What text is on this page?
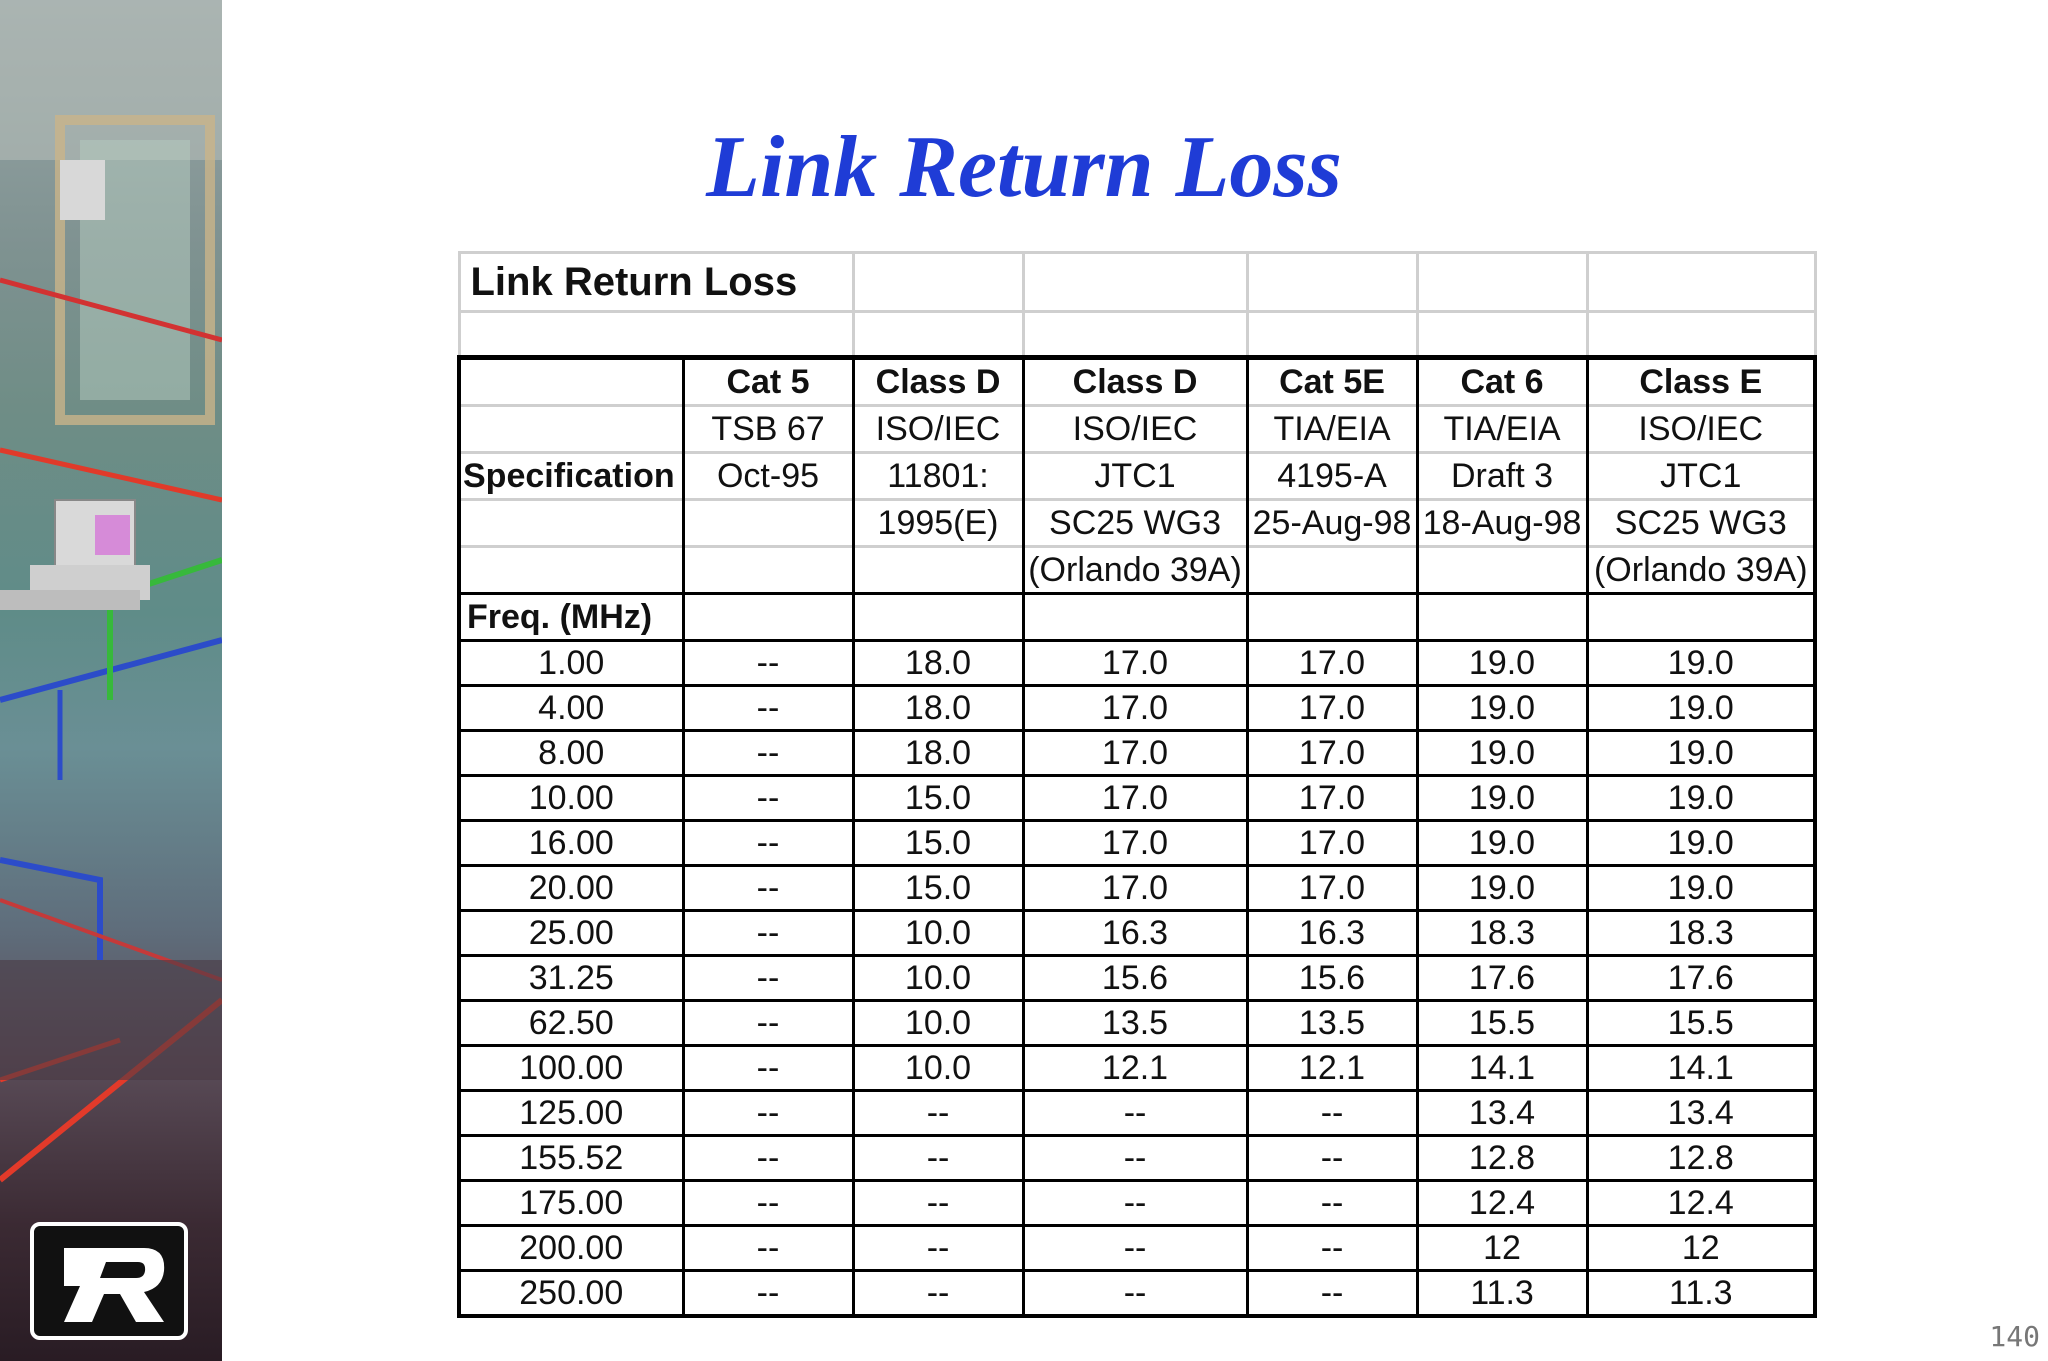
Link Return Loss
Link Return Loss						

	Cat 5	Class D	Class D	Cat 5E	Cat 6	Class E
	TSB 67	ISO/IEC	ISO/IEC	TIA/EIA	TIA/EIA	ISO/IEC
Specification	Oct-95	11801:	JTC1	4195-A	Draft 3	JTC1
		1995(E)	SC25 WG3	25-Aug-98	18-Aug-98	SC25 WG3
			(Orlando 39A)			(Orlando 39A)
Freq. (MHz)						
1.00	--	18.0	17.0	17.0	19.0	19.0
4.00	--	18.0	17.0	17.0	19.0	19.0
8.00	--	18.0	17.0	17.0	19.0	19.0
10.00	--	15.0	17.0	17.0	19.0	19.0
16.00	--	15.0	17.0	17.0	19.0	19.0
20.00	--	15.0	17.0	17.0	19.0	19.0
25.00	--	10.0	16.3	16.3	18.3	18.3
31.25	--	10.0	15.6	15.6	17.6	17.6
62.50	--	10.0	13.5	13.5	15.5	15.5
100.00	--	10.0	12.1	12.1	14.1	14.1
125.00	--	--	--	--	13.4	13.4
155.52	--	--	--	--	12.8	12.8
175.00	--	--	--	--	12.4	12.4
200.00	--	--	--	--	12	12
250.00	--	--	--	--	11.3	11.3
140
